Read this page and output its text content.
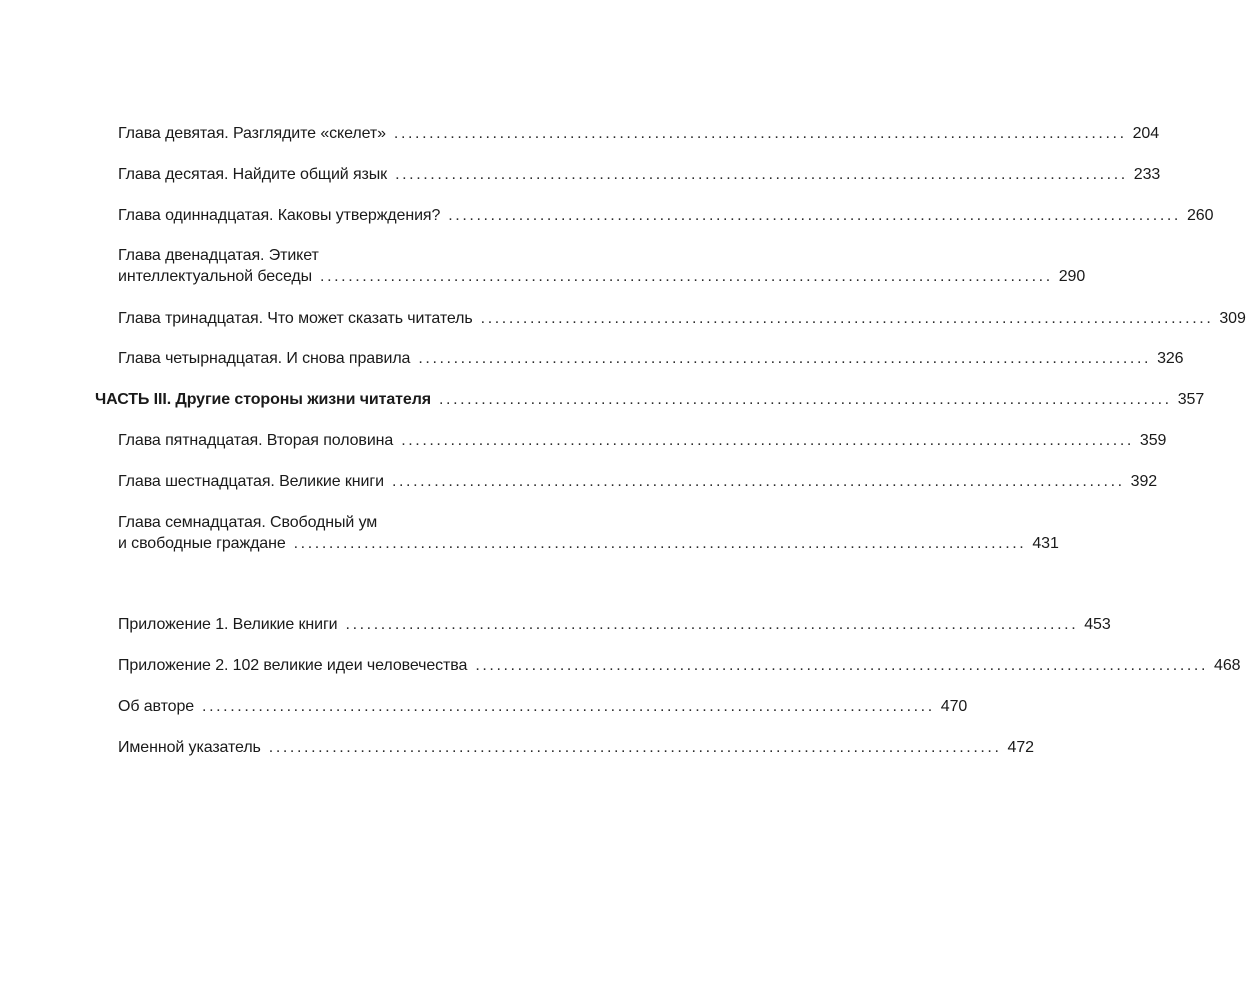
Глава девятая. Разглядите «скелет» ........................................................................................................ 204
Глава десятая. Найдите общий язык ........................................................................................................ 233
Глава одиннадцатая. Каковы утверждения? ........................................................................................................ 260
Глава двенадцатая. Этикет
интеллектуальной беседы ........................................................................................................ 290
Глава тринадцатая. Что может сказать читатель ........................................................................................................ 309
Глава четырнадцатая. И снова правила ........................................................................................................ 326
ЧАСТЬ III. Другие стороны жизни читателя ........................................................................................................ 357
Глава пятнадцатая. Вторая половина ........................................................................................................ 359
Глава шестнадцатая. Великие книги ........................................................................................................ 392
Глава семнадцатая. Свободный ум
и свободные граждане ........................................................................................................ 431
Приложение 1. Великие книги ........................................................................................................ 453
Приложение 2. 102 великие идеи человечества ........................................................................................................ 468
Об авторе ........................................................................................................ 470
Именной указатель ........................................................................................................ 472
